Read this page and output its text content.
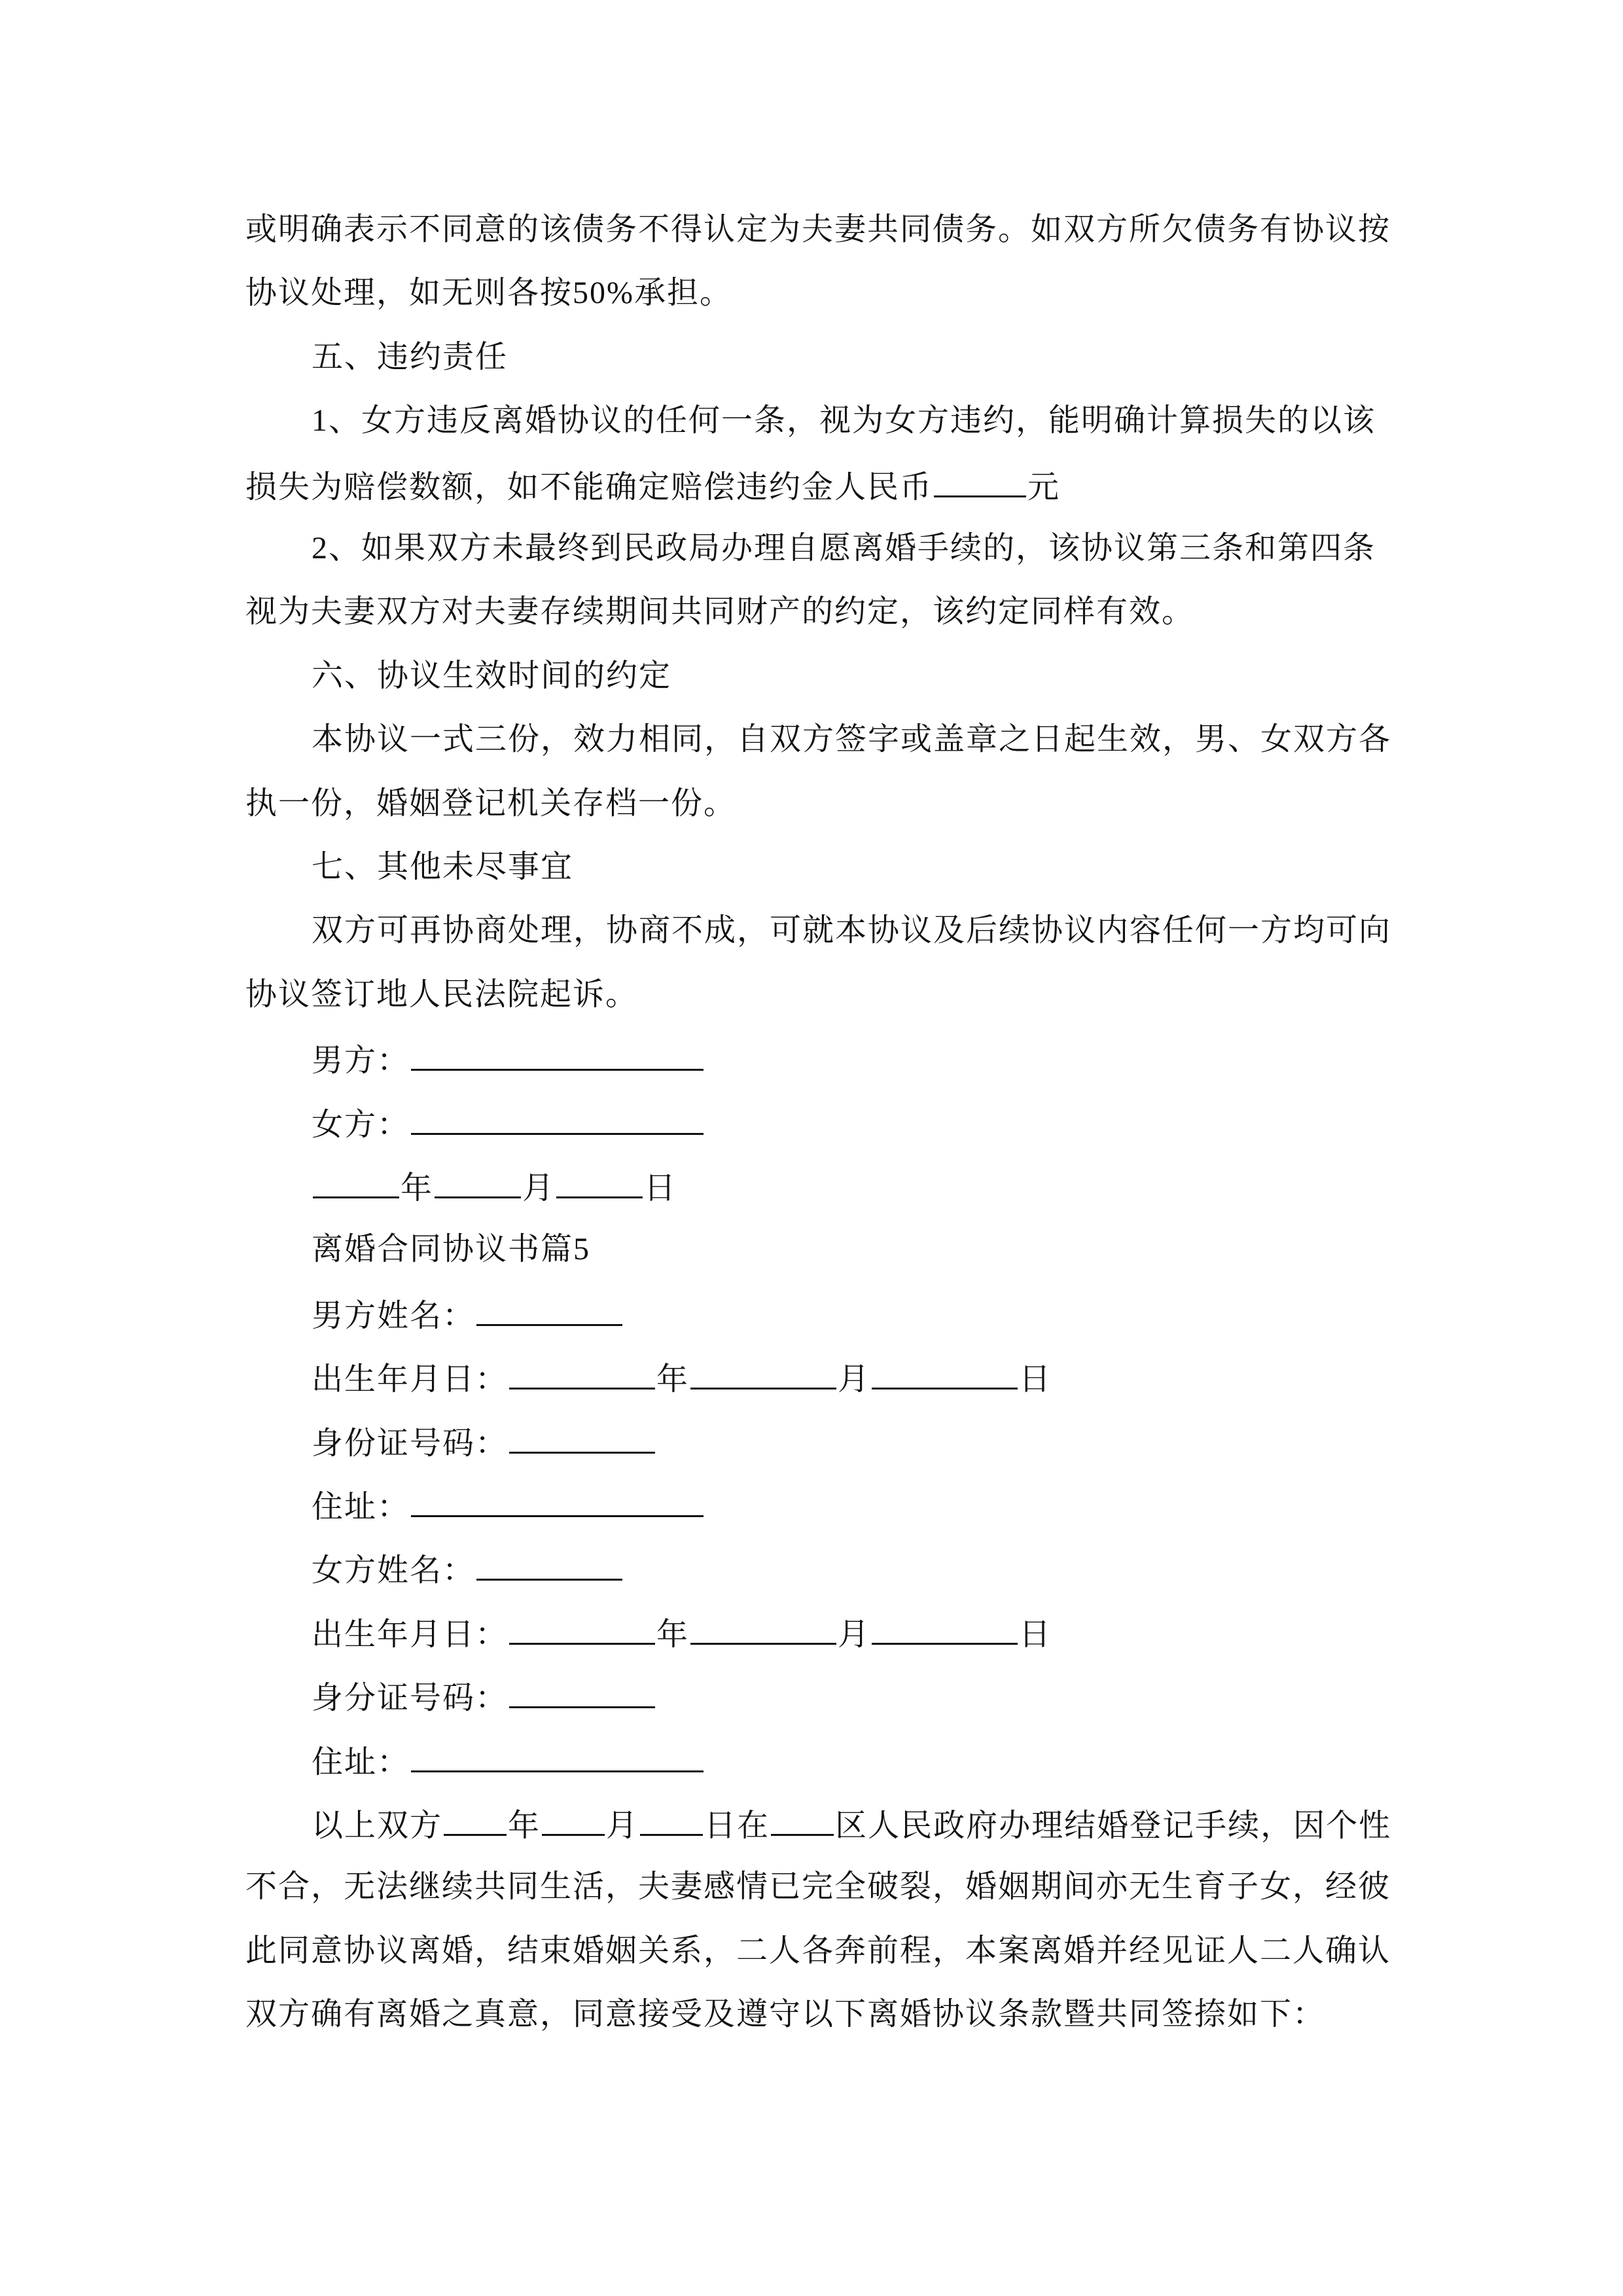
或明确表示不同意的该债务不得认定为夫妻共同债务。如双方所欠债务有协议按
协议处理，如无则各按50%承担。
五、违约责任
1、女方违反离婚协议的任何一条，视为女方违约，能明确计算损失的以该
损失为赔偿数额，如不能确定赔偿违约金人民币	元
2、如果双方未最终到民政局办理自愿离婚手续的，该协议第三条和第四条
视为夫妻双方对夫妻存续期间共同财产的约定，该约定同样有效。
六、协议生效时间的约定
本协议一式三份，效力相同，自双方签字或盖章之日起生效，男、女双方各
执一份，婚姻登记机关存档一份。
七、其他未尽事宜
双方可再协商处理，协商不成，可就本协议及后续协议内容任何一方均可向
协议签订地人民法院起诉。
男方：
女方：
年	月	日
离婚合同协议书篇5
男方姓名：
出生年月日：	年	月	日
身份证号码：
住址：
女方姓名：
出生年月日：	年	月	日
身分证号码：
住址：
以上双方 年 月 日在 区人民政府办理结婚登记手续，因个性
不合，无法继续共同生活，夫妻感情已完全破裂，婚姻期间亦无生育子女，经彼
此同意协议离婚，结束婚姻关系，二人各奔前程，本案离婚并经见证人二人确认
双方确有离婚之真意，同意接受及遵守以下离婚协议条款暨共同签捺如下：
